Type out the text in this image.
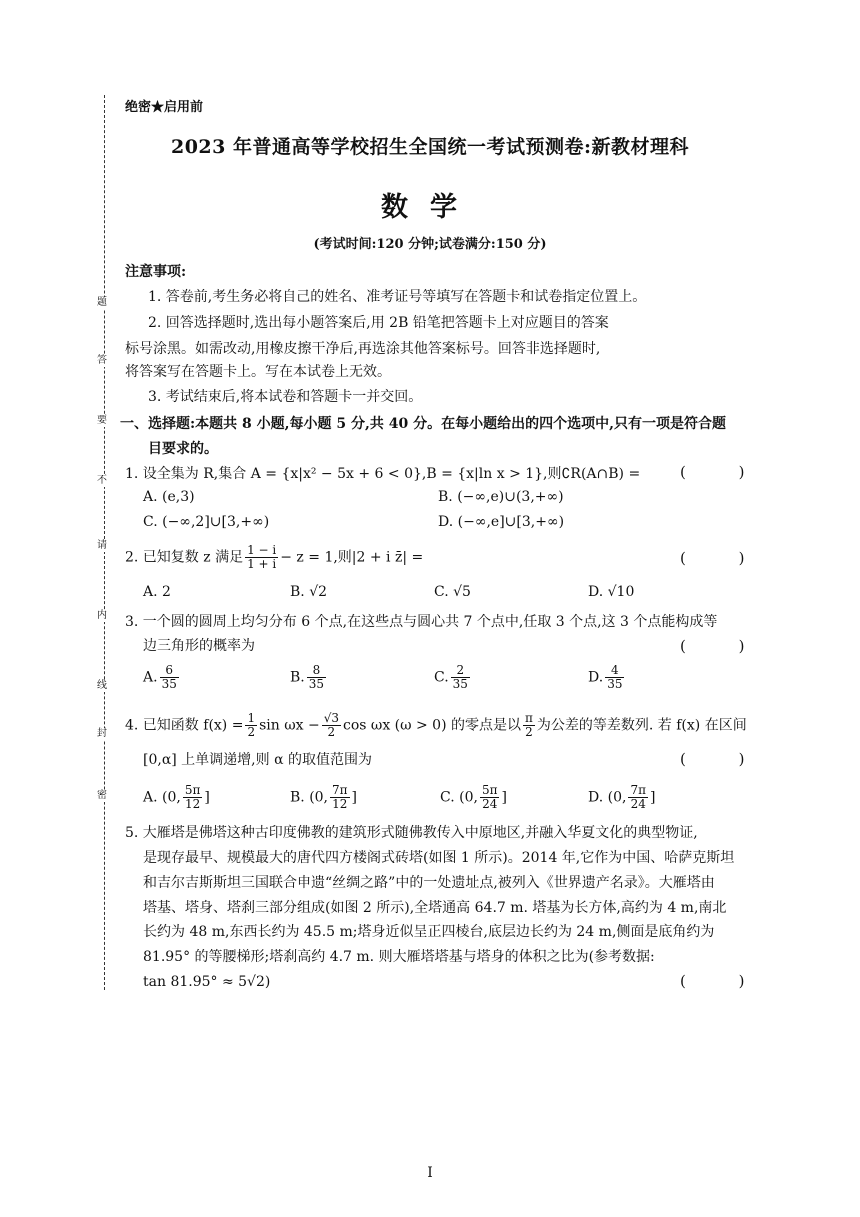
题
答
要
不
请
内
线
封
密
绝密★启用前
2023 年普通高等学校招生全国统一考试预测卷:新教材理科
数学
(考试时间:120 分钟;试卷满分:150 分)
注意事项:
1. 答卷前,考生务必将自己的姓名、准考证号等填写在答题卡和试卷指定位置上。
2. 回答选择题时,选出每小题答案后,用 2B 铅笔把答题卡上对应题目的答案
标号涂黑。如需改动,用橡皮擦干净后,再选涂其他答案标号。回答非选择题时,
将答案写在答题卡上。写在本试卷上无效。
3. 考试结束后,将本试卷和答题卡一并交回。
一、选择题:本题共 8 小题,每小题 5 分,共 40 分。在每小题给出的四个选项中,只有一项是符合题
目要求的。
1. 设全集为 R,集合 A = {x|x² − 5x + 6 < 0},B = {x|ln x > 1},则∁R(A∩B) =	( )
A. (e,3)	B. (−∞,e)∪(3,+∞)
C. (−∞,2]∪[3,+∞)	D. (−∞,e]∪[3,+∞)
2. 已知复数 z 满足 $\frac{1 - i}{1 + i} - z = 1$,则|2 + i z̄| =	( )
A. 2	B. √2	C. √5	D. √10
3. 一个圆的圆周上均匀分布 6 个点,在这些点与圆心共 7 个点中,任取 3 个点,这 3 个点能构成等
边三角形的概率为	( )
A. $\frac{6}{35}$	B. $\frac{8}{35}$	C. $\frac{2}{35}$	D. $\frac{4}{35}$
4. 已知函数 $f(x) = \frac{1}{2}$ $\sin \omega x - \frac{√3}{2}$ cos ωx (ω > 0) 的零点是以 $\frac{\pi}{2}$ 为公差的等差数列. 若 f(x) 在区间
[0,α] 上单调递增,则 α 的取值范围为	( )
A. (0, $\frac{5\pi}{12}$ ]	B. (0, $\frac{7\pi}{12}$ ]	C. (0, $\frac{5\pi}{24}$ ]	D. (0, $\frac{7\pi}{24}$ ]
5. 大雁塔是佛塔这种古印度佛教的建筑形式随佛教传入中原地区,并融入华夏文化的典型物证,
是现存最早、规模最大的唐代四方楼阁式砖塔(如图 1 所示)。2014 年,它作为中国、哈萨克斯坦
和吉尔吉斯斯坦三国联合申遗“丝绸之路”中的一处遗址点,被列入《世界遗产名录》。大雁塔由
塔基、塔身、塔刹三部分组成(如图 2 所示),全塔通高 64.7 m. 塔基为长方体,高约为 4 m,南北
长约为 48 m,东西长约为 45.5 m;塔身近似呈正四棱台,底层边长约为 24 m,侧面是底角约为
81.95° 的等腰梯形;塔刹高约 4.7 m. 则大雁塔塔基与塔身的体积之比为(参考数据:
tan 81.95° ≈ 5√2)	( )
I
